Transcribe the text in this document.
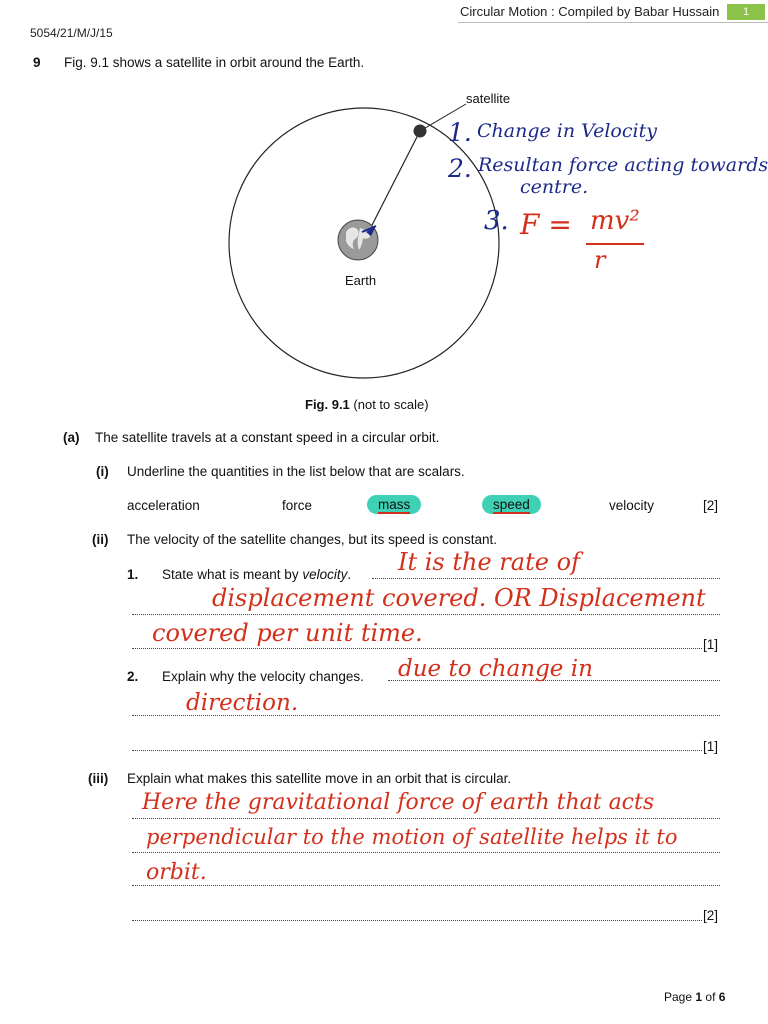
5054/21/M/J/15
Circular Motion : Compiled by Babar Hussain	1
9 Fig. 9.1 shows a satellite in orbit around the Earth.
satellite
Earth
Fig. 9.1 (not to scale)
1. Change in Velocity
2. Resultan force acting towards
centre.
3. F = mv²
r
(a) The satellite travels at a constant speed in a circular orbit.
(i) Underline the quantities in the list below that are scalars.
acceleration	force	mass	speed	velocity	[2]
(ii) The velocity of the satellite changes, but its speed is constant.
1. State what is meant by velocity. It is the rate of
displacement covered. OR Displacement
covered per unit time.	[1]
2. Explain why the velocity changes. due to change in
direction.
[1]
(iii) Explain what makes this satellite move in an orbit that is circular.
Here the gravitational force of earth that acts
perpendicular to the motion of satellite helps it to
orbit.
[2]
Page 1 of 6
